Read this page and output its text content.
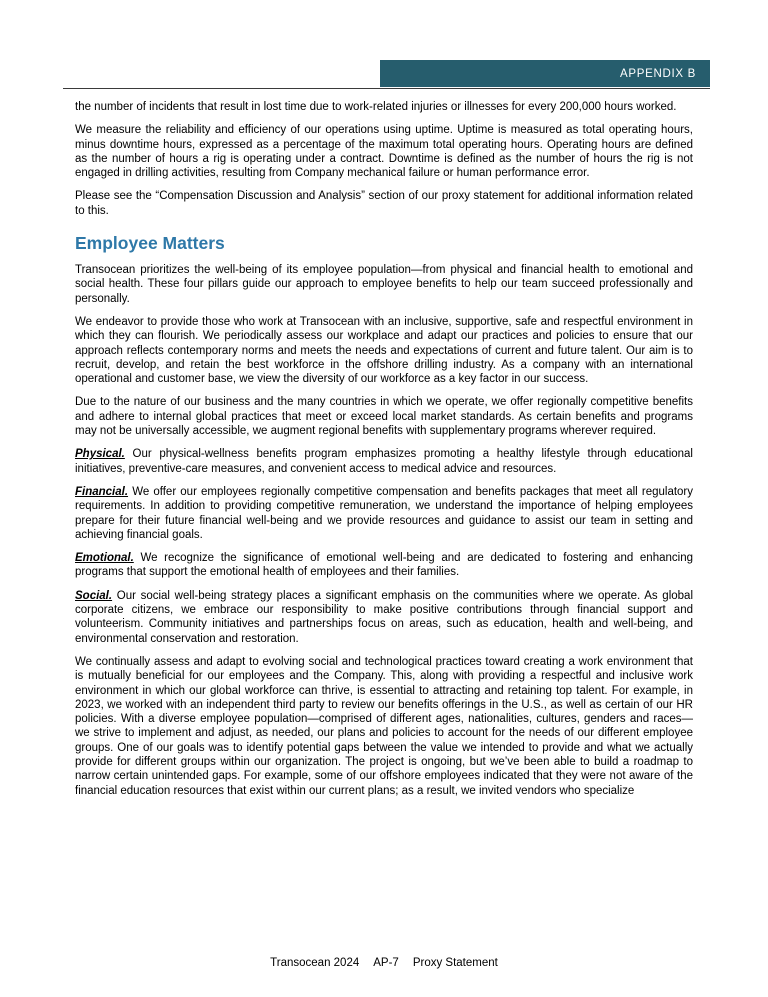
APPENDIX B

the number of incidents that result in lost time due to work-related injuries or illnesses for every 200,000 hours worked.

We measure the reliability and efficiency of our operations using uptime. Uptime is measured as total operating hours, minus downtime hours, expressed as a percentage of the maximum total operating hours. Operating hours are defined as the number of hours a rig is operating under a contract. Downtime is defined as the number of hours the rig is not engaged in drilling activities, resulting from Company mechanical failure or human performance error.

Please see the “Compensation Discussion and Analysis” section of our proxy statement for additional information related to this.

Employee Matters

Transocean prioritizes the well-being of its employee population—from physical and financial health to emotional and social health. These four pillars guide our approach to employee benefits to help our team succeed professionally and personally.

We endeavor to provide those who work at Transocean with an inclusive, supportive, safe and respectful environment in which they can flourish. We periodically assess our workplace and adapt our practices and policies to ensure that our approach reflects contemporary norms and meets the needs and expectations of current and future talent. Our aim is to recruit, develop, and retain the best workforce in the offshore drilling industry. As a company with an international operational and customer base, we view the diversity of our workforce as a key factor in our success.

Due to the nature of our business and the many countries in which we operate, we offer regionally competitive benefits and adhere to internal global practices that meet or exceed local market standards. As certain benefits and programs may not be universally accessible, we augment regional benefits with supplementary programs wherever required.

Physical. Our physical-wellness benefits program emphasizes promoting a healthy lifestyle through educational initiatives, preventive-care measures, and convenient access to medical advice and resources.

Financial. We offer our employees regionally competitive compensation and benefits packages that meet all regulatory requirements. In addition to providing competitive remuneration, we understand the importance of helping employees prepare for their future financial well-being and we provide resources and guidance to assist our team in setting and achieving financial goals.

Emotional. We recognize the significance of emotional well-being and are dedicated to fostering and enhancing programs that support the emotional health of employees and their families.

Social. Our social well-being strategy places a significant emphasis on the communities where we operate. As global corporate citizens, we embrace our responsibility to make positive contributions through financial support and volunteerism. Community initiatives and partnerships focus on areas, such as education, health and well-being, and environmental conservation and restoration.

We continually assess and adapt to evolving social and technological practices toward creating a work environment that is mutually beneficial for our employees and the Company. This, along with providing a respectful and inclusive work environment in which our global workforce can thrive, is essential to attracting and retaining top talent. For example, in 2023, we worked with an independent third party to review our benefits offerings in the U.S., as well as certain of our HR policies. With a diverse employee population—comprised of different ages, nationalities, cultures, genders and races—we strive to implement and adjust, as needed, our plans and policies to account for the needs of our different employee groups. One of our goals was to identify potential gaps between the value we intended to provide and what we actually provide for different groups within our organization. The project is ongoing, but we’ve been able to build a roadmap to narrow certain unintended gaps. For example, some of our offshore employees indicated that they were not aware of the financial education resources that exist within our current plans; as a result, we invited vendors who specialize

Transocean 2024 AP-7 Proxy Statement
